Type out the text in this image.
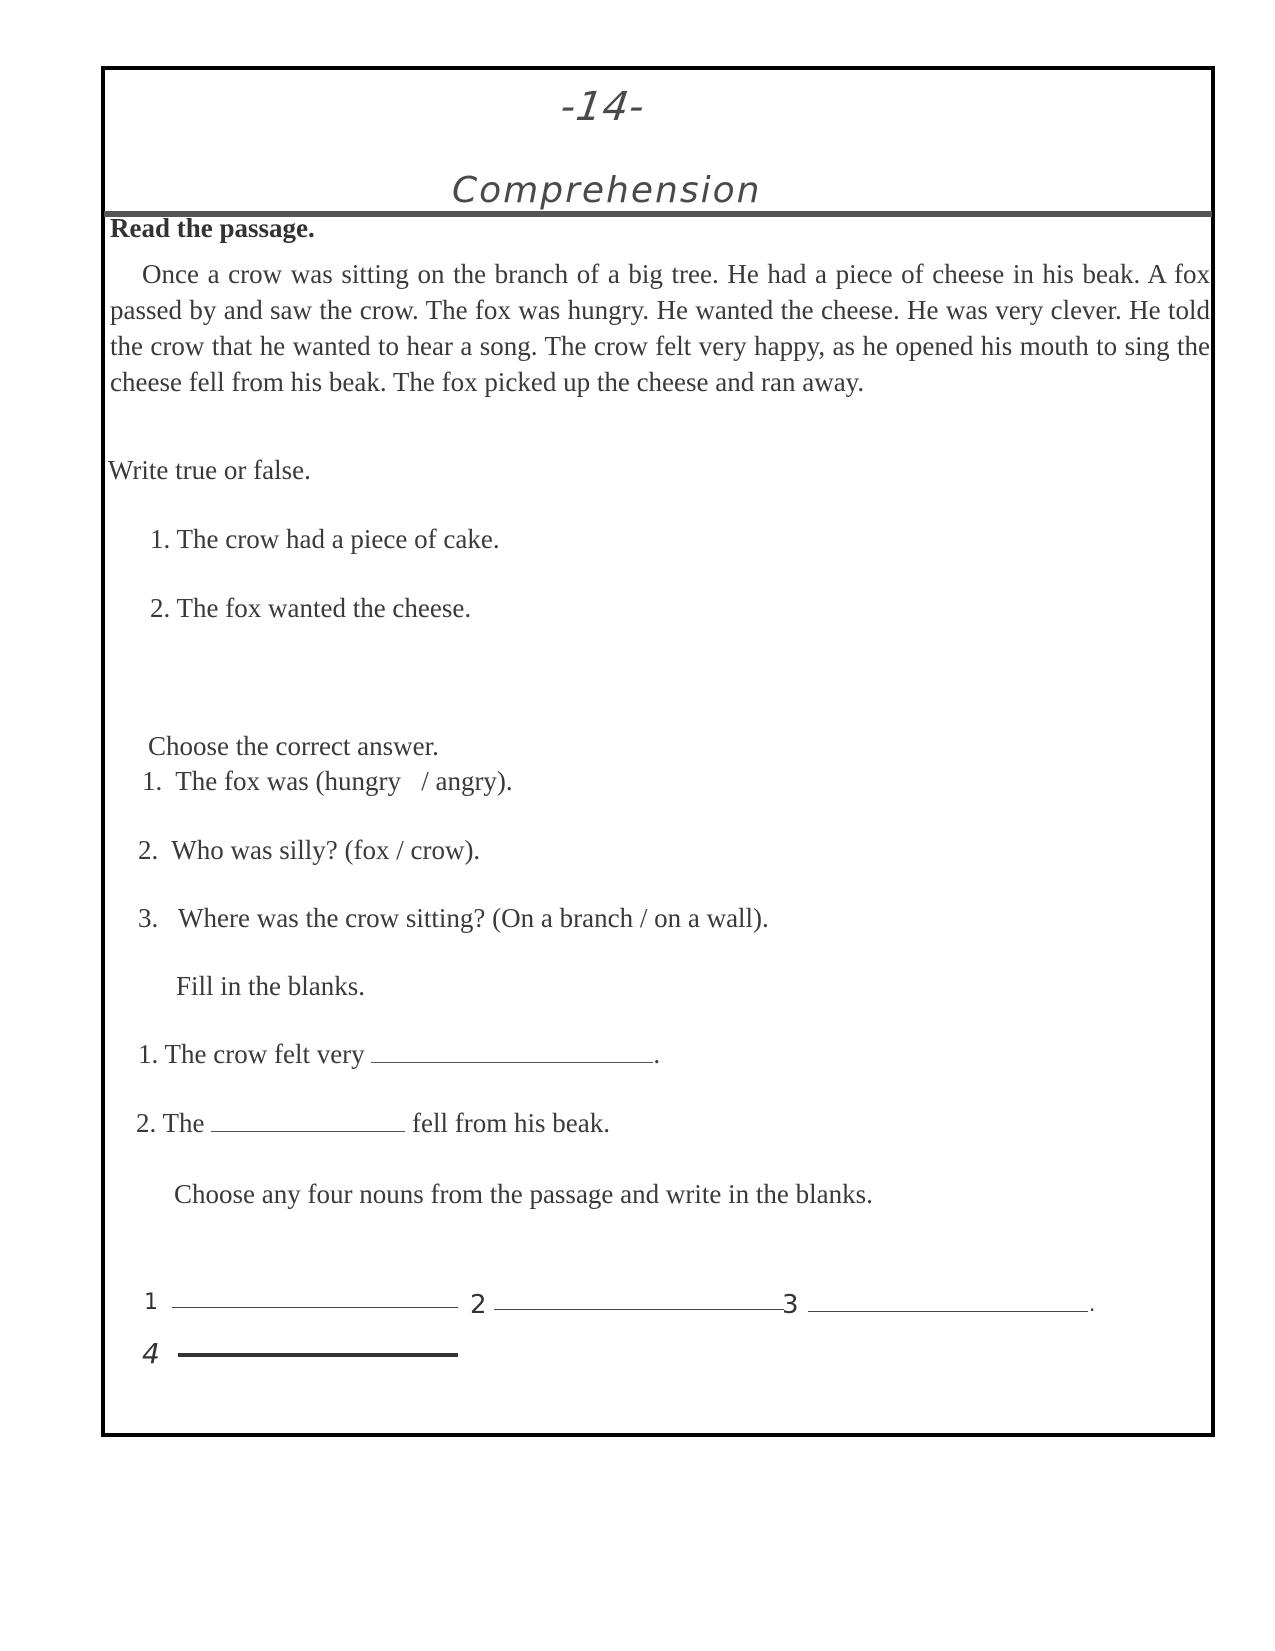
-14-
Comprehension
Read the passage.
Once a crow was sitting on the branch of a big tree. He had a piece of cheese in his beak. A fox passed by and saw the crow. The fox was hungry. He wanted the cheese. He was very clever. He told the crow that he wanted to hear a song. The crow felt very happy, as he opened his mouth to sing the cheese fell from his beak. The fox picked up the cheese and ran away.
Write true or false.
1. The crow had a piece of cake.
2. The fox wanted the cheese.
Choose the correct answer.
1. The fox was (hungry   / angry).
2. Who was silly? (fox / crow).
3. Where was the crow sitting? (On a branch / on a wall).
Fill in the blanks.
1. The crow felt very	.
2. The	fell from his beak.
Choose any four nouns from the passage and write in the blanks.
1	2	3	.
4
